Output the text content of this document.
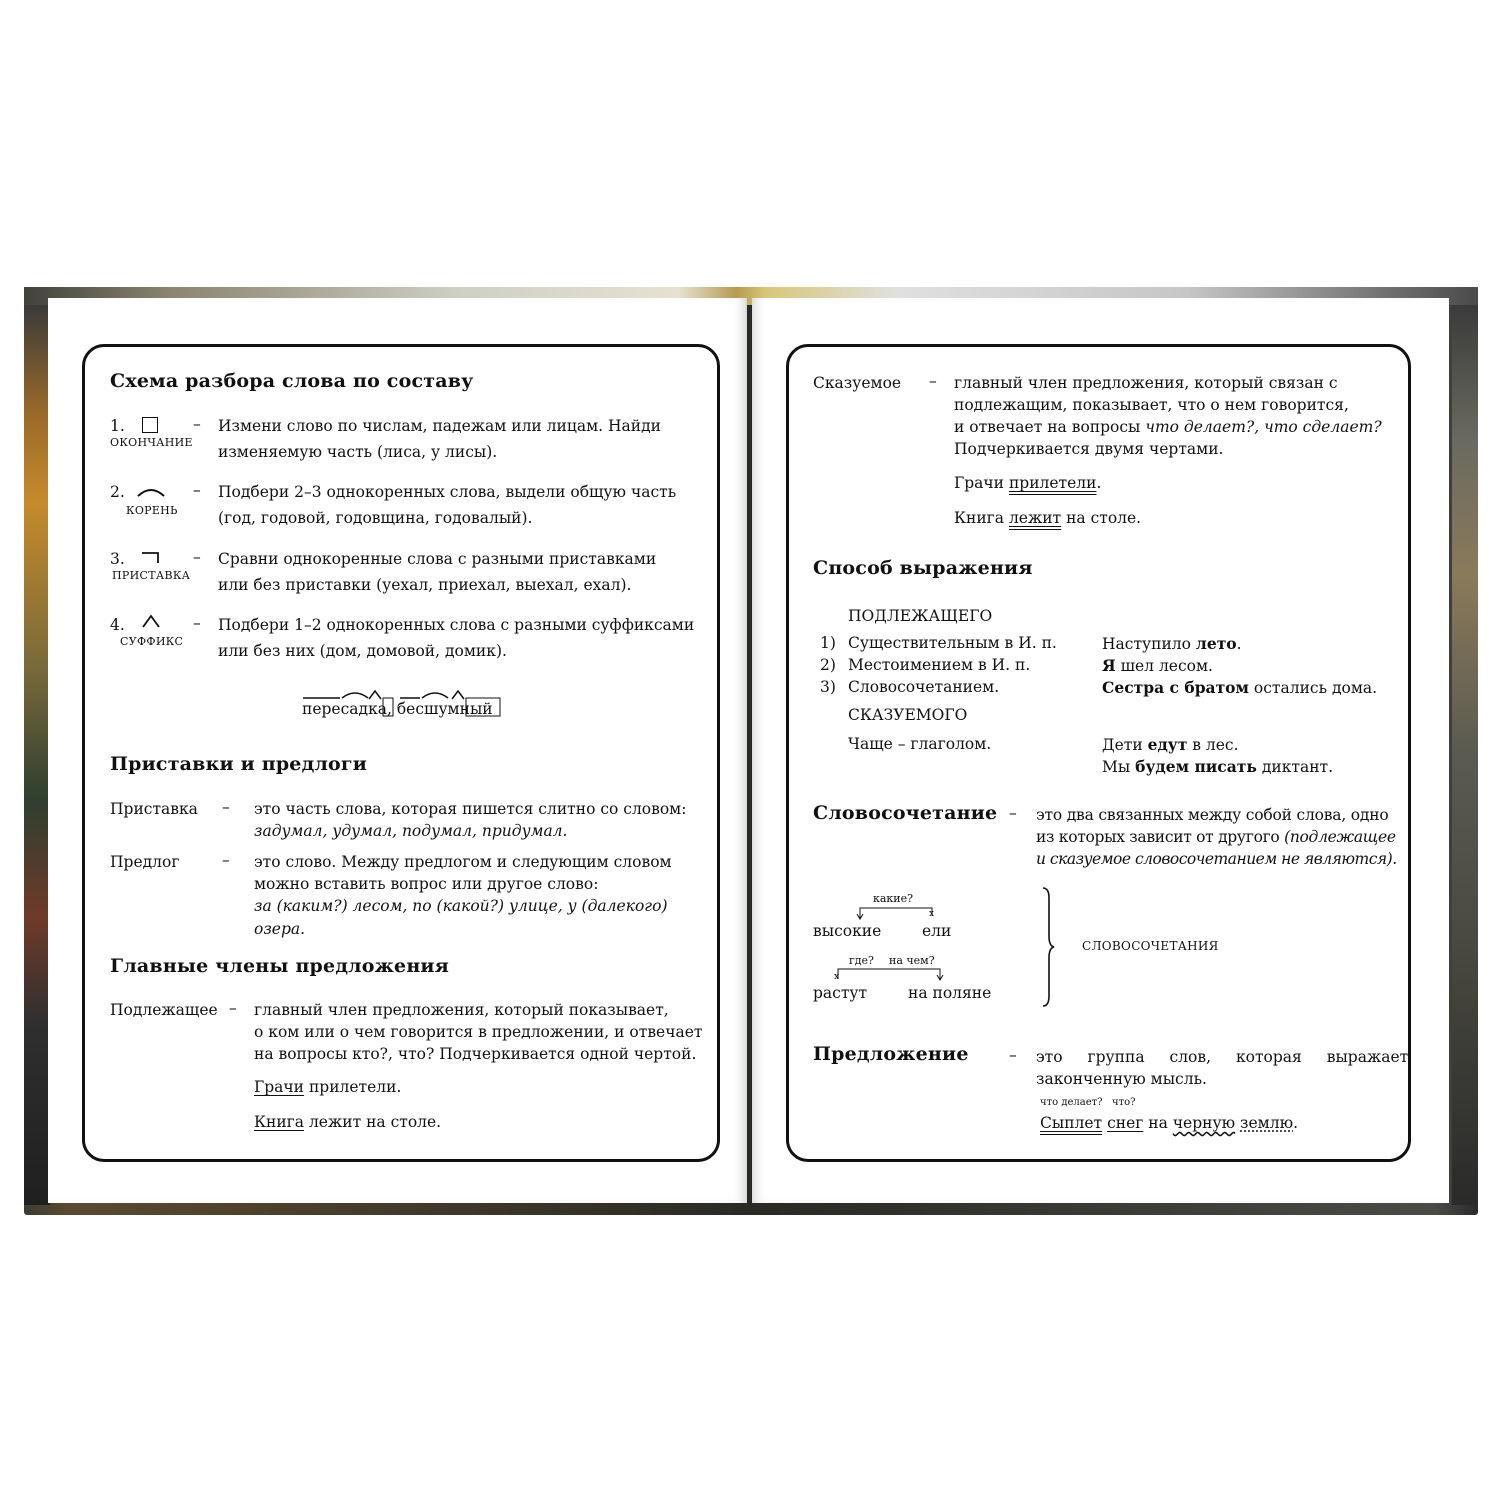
Схема разбора слова по составу
1.
ОКОНЧАНИЕ
– Измени слово по числам, падежам или лицам. Найди
изменяемую часть (лиса, у лисы).
2.
КОРЕНЬ
– Подбери 2–3 однокоренных слова, выдели общую часть
(год, годовой, годовщина, годовалый).
3.
ПРИСТАВКА
– Сравни однокоренные слова с разными приставками
или без приставки (уехал, приехал, выехал, ехал).
4.
СУФФИКС
– Подбери 1–2 однокоренных слова с разными суффиксами
или без них (дом, домовой, домик).
пересадка, бесшумный
Приставки и предлоги
Приставка – это часть слова, которая пишется слитно со словом:
задумал, удумал, подумал, придумал.
Предлог	– это слово. Между предлогом и следующим словом
можно вставить вопрос или другое слово:
за (каким?) лесом, по (какой?) улице, у (далекого) озера.
Главные члены предложения
Подлежащее – главный член предложения, который показывает,
о ком или о чем говорится в предложении, и отвечает
на вопросы кто?, что? Подчеркивается одной чертой.
Грачи прилетели.
Книга лежит на столе.
Сказуемое – главный член предложения, который связан с
подлежащим, показывает, что о нем говорится,
и отвечает на вопросы что делает?, что сделает?
Подчеркивается двумя чертами.
Грачи прилетели.
Книга лежит на столе.
Способ выражения
ПОДЛЕЖАЩЕГО
1) Существительным в И. п.	Наступило лето.
2) Местоимением в И. п.	Я шел лесом.
3) Словосочетанием.	Сестра с братом остались дома.
СКАЗУЕМОГО
Чаще – глаголом.	Дети едут в лес.
Мы будем писать диктант.
Словосочетание – это два связанных между собой слова, одно
из которых зависит от другого (подлежащее
и сказуемое словосочетанием не являются).
какие?
x
высокие	ели
где? на чем?
x
растут	на поляне
СЛОВОСОЧЕТАНИЯ
Предложение	– это группа слов, которая выражает
законченную мысль.
что делает? что?
Сыплет снег на черную землю.
